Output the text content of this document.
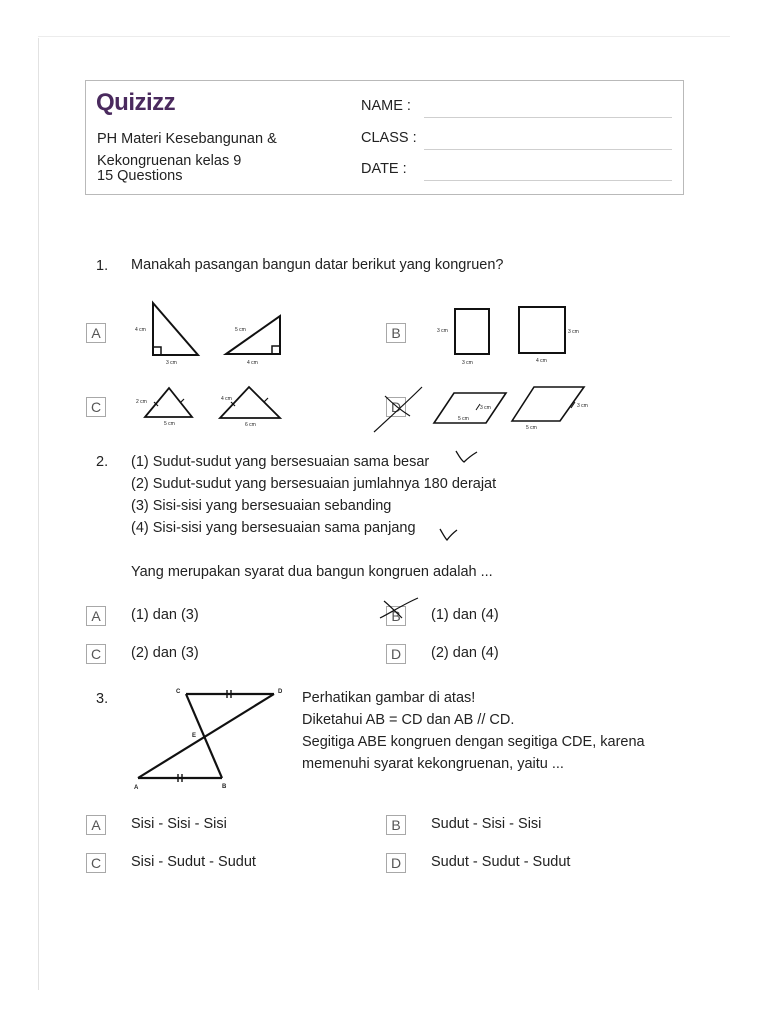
Quizizz
PH Materi Kesebangunan & Kekongruenan kelas 9
15 Questions
NAME :
CLASS :
DATE :
1. Manakah pasangan bangun datar berikut yang kongruen?
A	4 cm
3 cm
5 cm
4 cm
B	3 cm
3 cm
3 cm
4 cm
C	2 cm
5 cm
4 cm
6 cm
D	3 cm
5 cm
3 cm
5 cm
2. (1) Sudut-sudut yang bersesuaian sama besar
(2) Sudut-sudut yang bersesuaian jumlahnya 180 derajat
(3) Sisi-sisi yang bersesuaian sebanding
(4) Sisi-sisi yang bersesuaian sama panjang
Yang merupakan syarat dua bangun kongruen adalah ...
A	(1) dan (3)	B	(1) dan (4)
C	(2) dan (3)	D	(2) dan (4)
3.
A	B
C	D
E
Perhatikan gambar di atas!
Diketahui AB = CD dan AB // CD.
Segitiga ABE kongruen dengan segitiga CDE, karena
memenuhi syarat kekongruenan, yaitu ...
A	Sisi - Sisi - Sisi	B	Sudut - Sisi - Sisi
C	Sisi - Sudut - Sudut	D	Sudut - Sudut - Sudut
